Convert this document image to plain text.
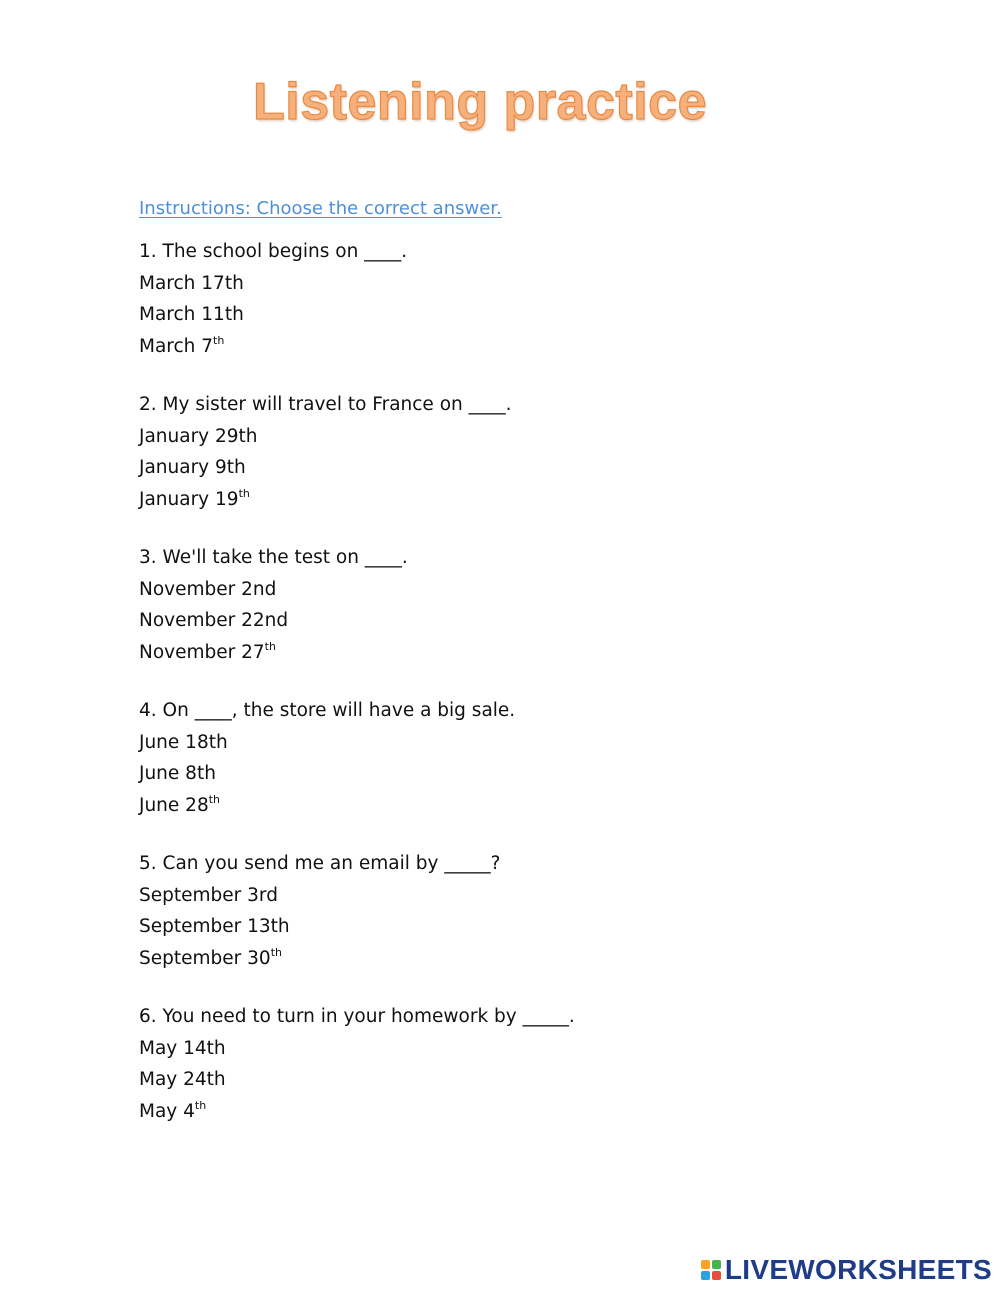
Listening practice
Instructions: Choose the correct answer.
1. The school begins on ____.
March 17th
March 11th
March 7th
2. My sister will travel to France on ____.
January 29th
January 9th
January 19th
3. We'll take the test on ____.
November 2nd
November 22nd
November 27th
4. On ____, the store will have a big sale.
June 18th
June 8th
June 28th
5. Can you send me an email by _____?
September 3rd
September 13th
September 30th
6. You need to turn in your homework by _____.
May 14th
May 24th
May 4th
LIVEWORKSHEETS
